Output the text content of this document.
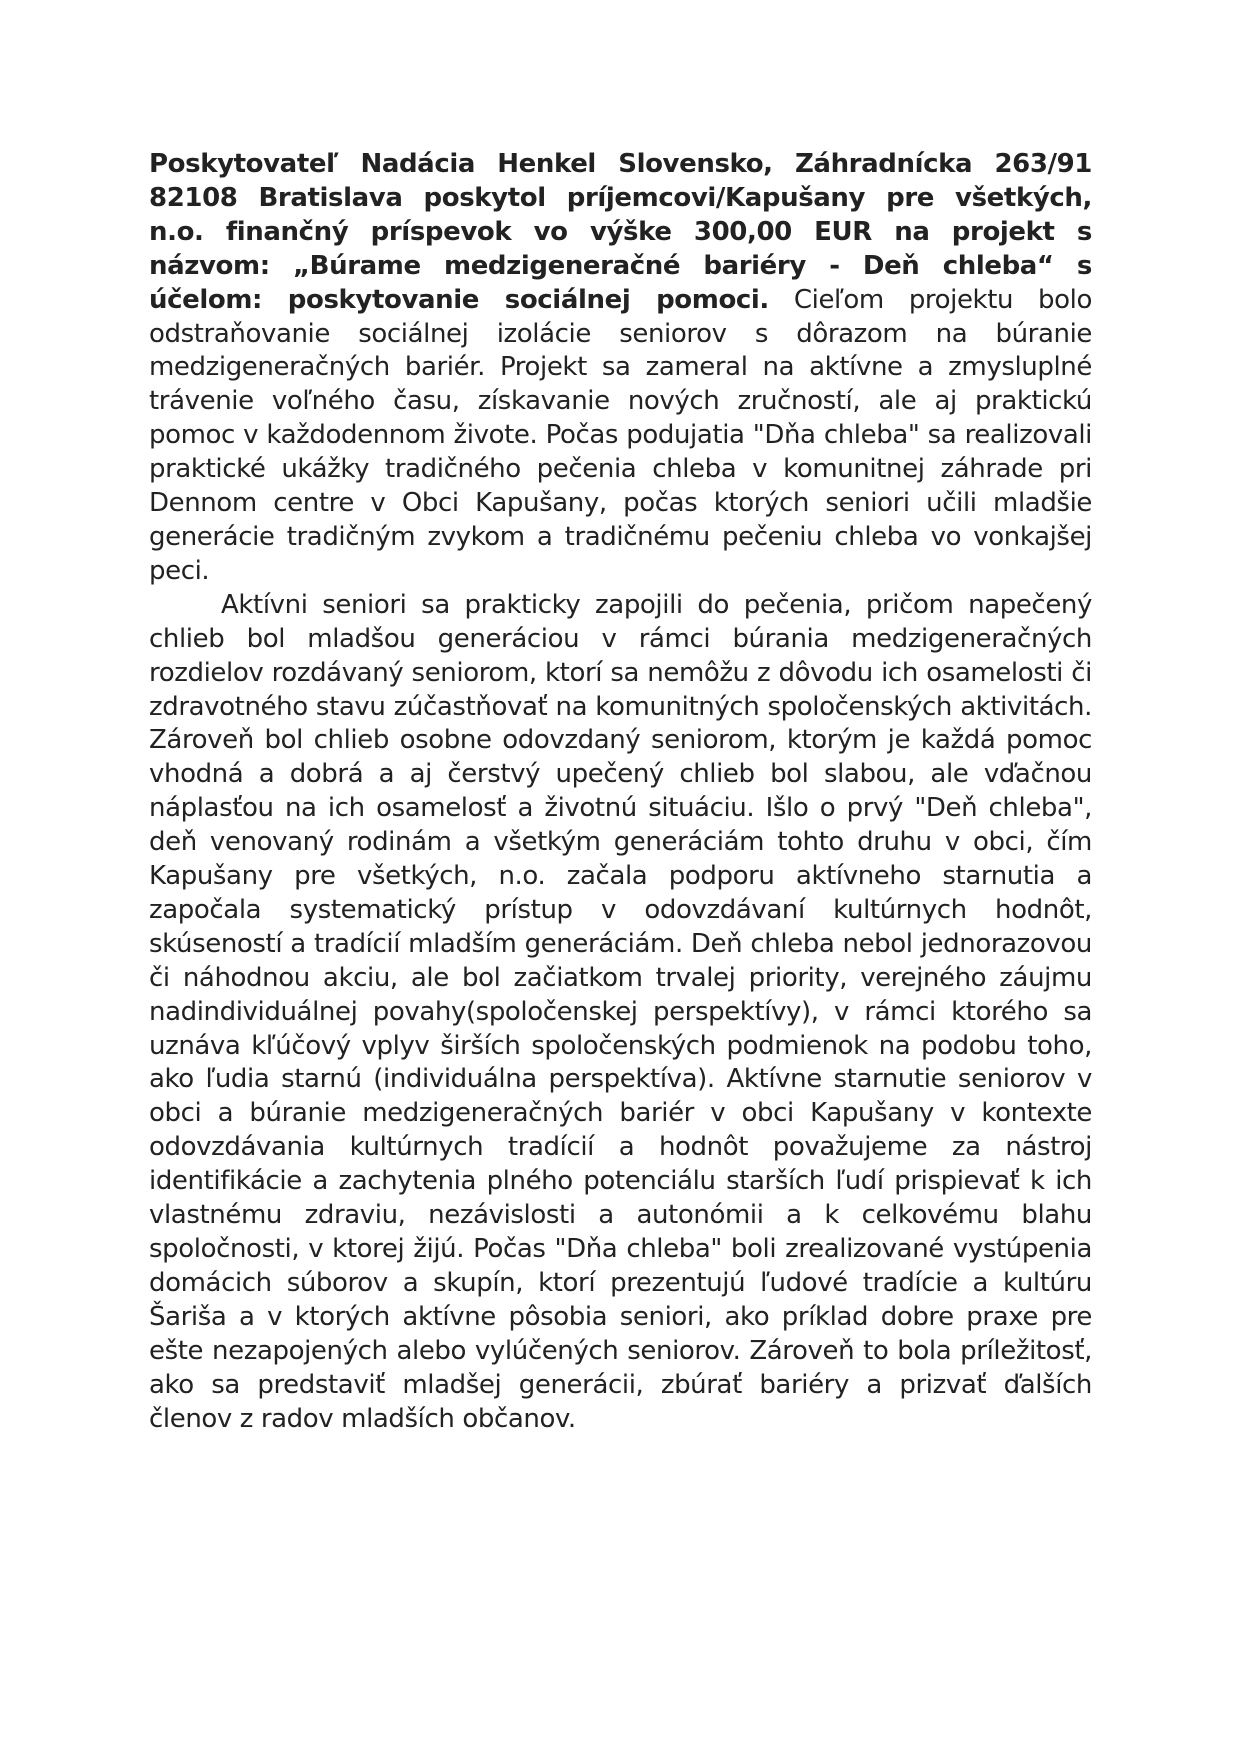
Poskytovateľ Nadácia Henkel Slovensko, Záhradnícka 263/91 82108 Bratislava poskytol príjemcovi/Kapušany pre všetkých, n.o. finančný príspevok vo výške 300,00 EUR na projekt s názvom: „Búrame medzigeneračné bariéry - Deň chleba“ s účelom: poskytovanie sociálnej pomoci. Cieľom projektu bolo odstraňovanie sociálnej izolácie seniorov s dôrazom na búranie medzigeneračných bariér. Projekt sa zameral na aktívne a zmysluplné trávenie voľného času, získavanie nových zručností, ale aj praktickú pomoc v každodennom živote. Počas podujatia "Dňa chleba" sa realizovali praktické ukážky tradičného pečenia chleba v komunitnej záhrade pri Dennom centre v Obci Kapušany, počas ktorých seniori učili mladšie generácie tradičným zvykom a tradičnému pečeniu chleba vo vonkajšej peci.

Aktívni seniori sa prakticky zapojili do pečenia, pričom napečený chlieb bol mladšou generáciou v rámci búrania medzigeneračných rozdielov rozdávaný seniorom, ktorí sa nemôžu z dôvodu ich osamelosti či zdravotného stavu zúčastňovať na komunitných spoločenských aktivitách. Zároveň bol chlieb osobne odovzdaný seniorom, ktorým je každá pomoc vhodná a dobrá a aj čerstvý upečený chlieb bol slabou, ale vďačnou náplasťou na ich osamelosť a životnú situáciu. Išlo o prvý "Deň chleba", deň venovaný rodinám a všetkým generáciám tohto druhu v obci, čím Kapušany pre všetkých, n.o. začala podporu aktívneho starnutia a započala systematický prístup v odovzdávaní kultúrnych hodnôt, skúseností a tradícií mladším generáciám. Deň chleba nebol jednorazovou či náhodnou akciu, ale bol začiatkom trvalej priority, verejného záujmu nadindividuálnej povahy(spoločenskej perspektívy), v rámci ktorého sa uznáva kľúčový vplyv širších spoločenských podmienok na podobu toho, ako ľudia starnú (individuálna perspektíva). Aktívne starnutie seniorov v obci a búranie medzigeneračných bariér v obci Kapušany v kontexte odovzdávania kultúrnych tradícií a hodnôt považujeme za nástroj identifikácie a zachytenia plného potenciálu starších ľudí prispievať k ich vlastnému zdraviu, nezávislosti a autonómii a k celkovému blahu spoločnosti, v ktorej žijú. Počas "Dňa chleba" boli zrealizované vystúpenia domácich súborov a skupín, ktorí prezentujú ľudové tradície a kultúru Šariša a v ktorých aktívne pôsobia seniori, ako príklad dobre praxe pre ešte nezapojených alebo vylúčených seniorov. Zároveň to bola príležitosť, ako sa predstaviť mladšej generácii, zbúrať bariéry a prizvať ďalších členov z radov mladších občanov.
